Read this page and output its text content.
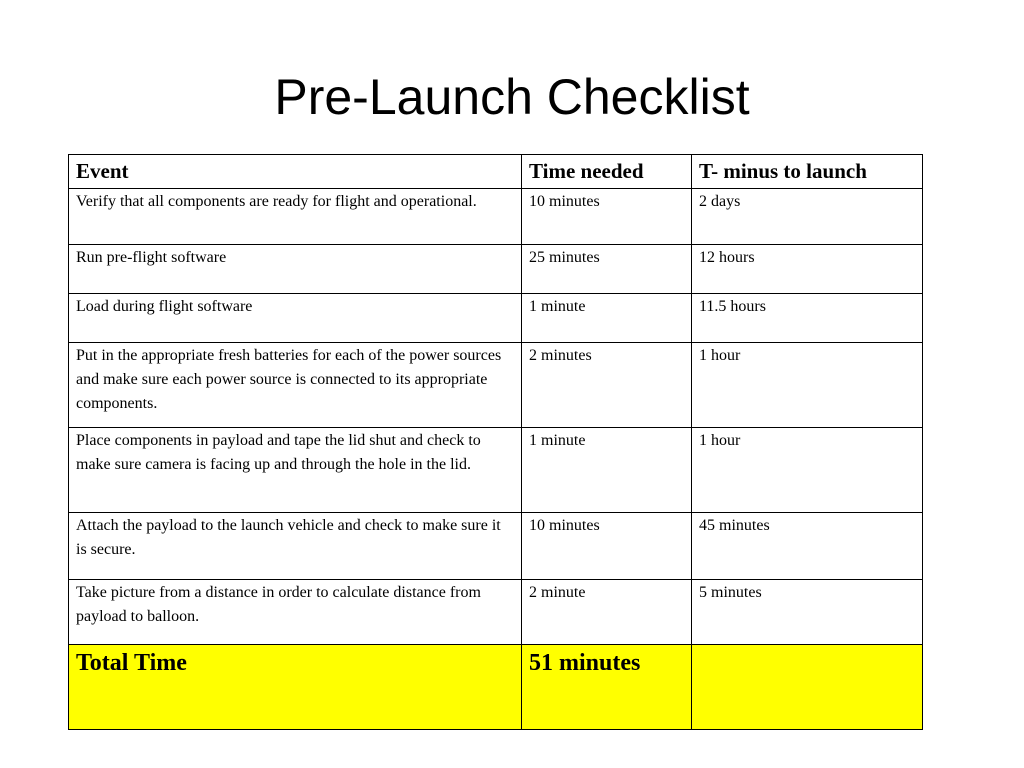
Pre-Launch Checklist
Event	Time needed	T- minus to launch
Verify that all components are ready for flight and operational.	10 minutes	2 days
Run pre-flight software	25 minutes	12 hours
Load during flight software	1 minute	11.5 hours
Put in the appropriate fresh batteries for each of the power sources and make sure each power source is connected to its appropriate components.	2 minutes	1 hour
Place components in payload and tape the lid shut and check to make sure camera is facing up and through the hole in the lid.	1 minute	1 hour
Attach the payload to the launch vehicle and check to make sure it is secure.	10 minutes	45 minutes
Take picture from a distance in order to calculate distance from payload to balloon.	2 minute	5 minutes
Total Time	51 minutes	
